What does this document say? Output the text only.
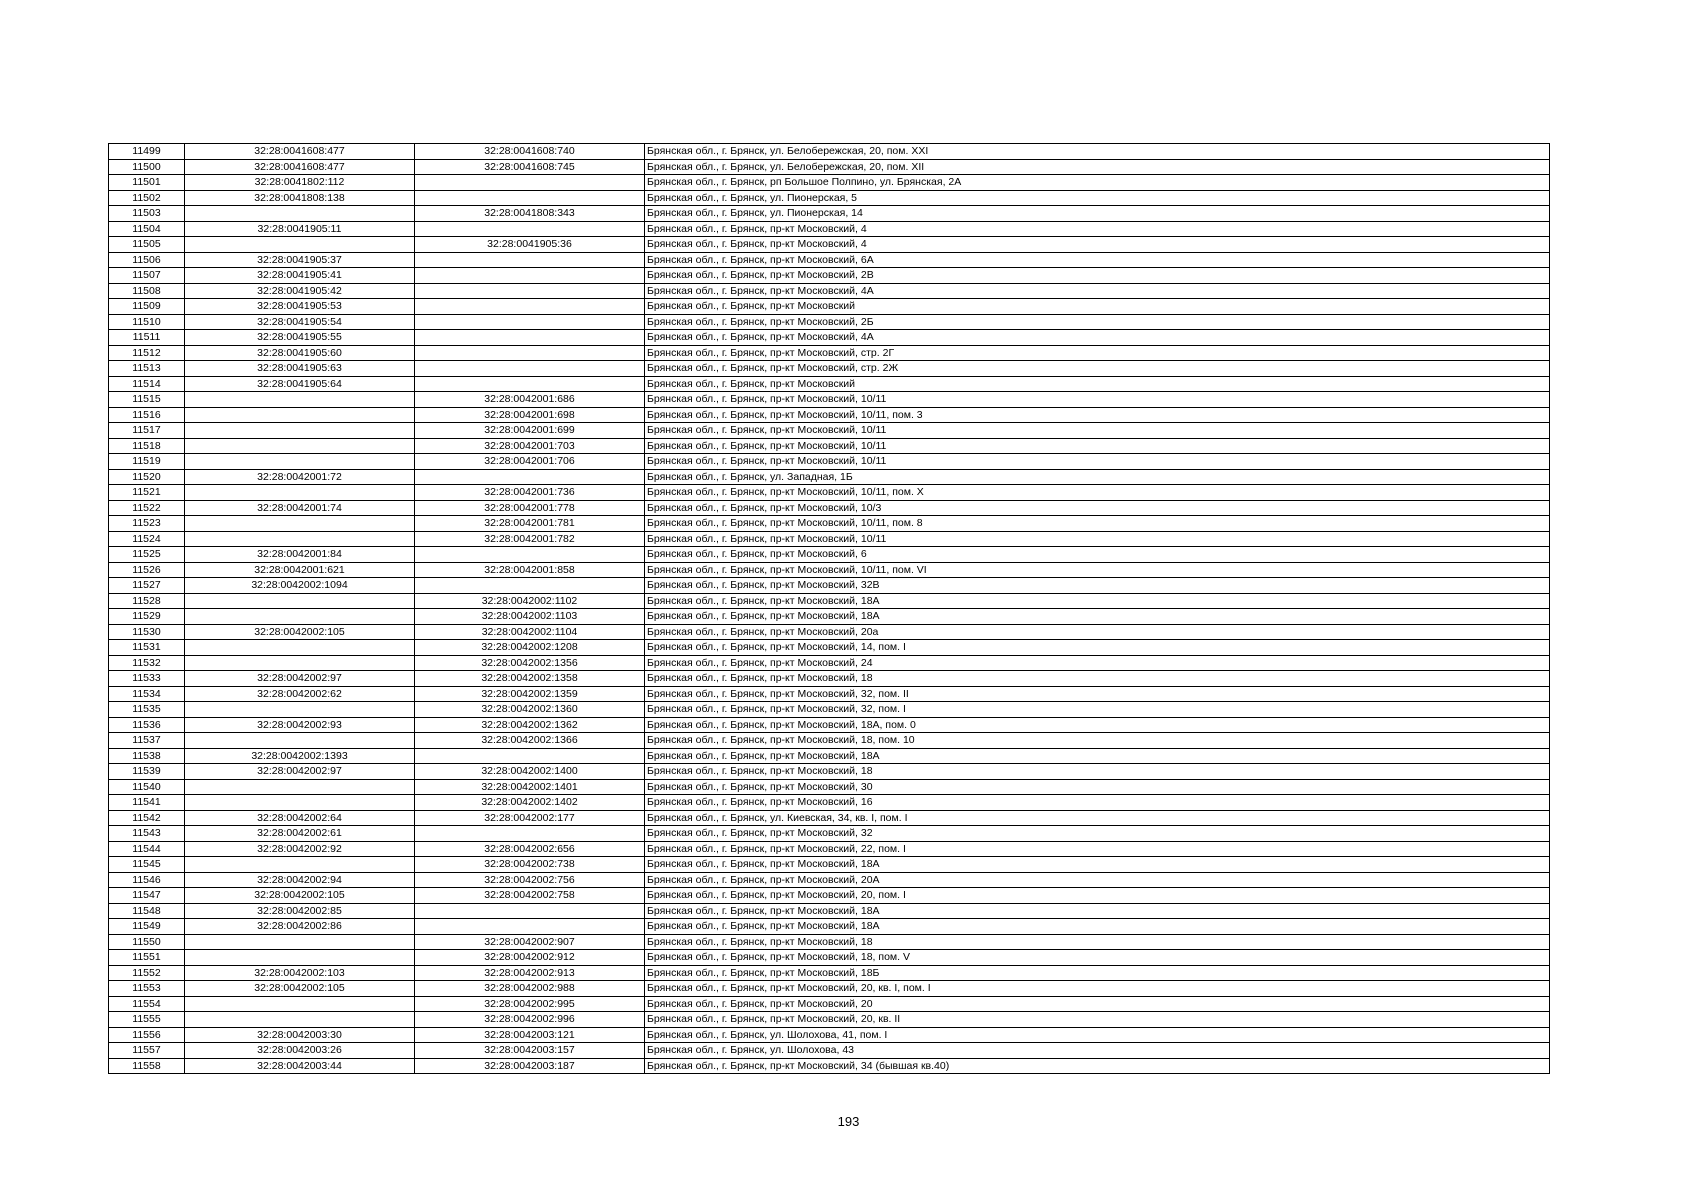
11499	32:28:0041608:477	32:28:0041608:740	Брянская обл., г. Брянск, ул. Белобережская, 20, пом. XXI
11500	32:28:0041608:477	32:28:0041608:745	Брянская обл., г. Брянск, ул. Белобережская, 20, пом. XII
11501	32:28:0041802:112		Брянская обл., г. Брянск, рп Большое Полпино, ул. Брянская, 2А
11502	32:28:0041808:138		Брянская обл., г. Брянск, ул. Пионерская, 5
11503		32:28:0041808:343	Брянская обл., г. Брянск, ул. Пионерская, 14
11504	32:28:0041905:11		Брянская обл., г. Брянск, пр-кт Московский, 4
11505		32:28:0041905:36	Брянская обл., г. Брянск, пр-кт Московский, 4
11506	32:28:0041905:37		Брянская обл., г. Брянск, пр-кт Московский, 6А
11507	32:28:0041905:41		Брянская обл., г. Брянск, пр-кт Московский, 2В
11508	32:28:0041905:42		Брянская обл., г. Брянск, пр-кт Московский, 4А
11509	32:28:0041905:53		Брянская обл., г. Брянск, пр-кт Московский
11510	32:28:0041905:54		Брянская обл., г. Брянск, пр-кт Московский, 2Б
11511	32:28:0041905:55		Брянская обл., г. Брянск, пр-кт Московский, 4А
11512	32:28:0041905:60		Брянская обл., г. Брянск, пр-кт Московский, стр. 2Г
11513	32:28:0041905:63		Брянская обл., г. Брянск, пр-кт Московский, стр. 2Ж
11514	32:28:0041905:64		Брянская обл., г. Брянск, пр-кт Московский
11515		32:28:0042001:686	Брянская обл., г. Брянск, пр-кт Московский, 10/11
11516		32:28:0042001:698	Брянская обл., г. Брянск, пр-кт Московский, 10/11, пом. 3
11517		32:28:0042001:699	Брянская обл., г. Брянск, пр-кт Московский, 10/11
11518		32:28:0042001:703	Брянская обл., г. Брянск, пр-кт Московский, 10/11
11519		32:28:0042001:706	Брянская обл., г. Брянск, пр-кт Московский, 10/11
11520	32:28:0042001:72		Брянская обл., г. Брянск, ул. Западная, 1Б
11521		32:28:0042001:736	Брянская обл., г. Брянск, пр-кт Московский, 10/11, пом. X
11522	32:28:0042001:74	32:28:0042001:778	Брянская обл., г. Брянск, пр-кт Московский, 10/3
11523		32:28:0042001:781	Брянская обл., г. Брянск, пр-кт Московский, 10/11, пом. 8
11524		32:28:0042001:782	Брянская обл., г. Брянск, пр-кт Московский, 10/11
11525	32:28:0042001:84		Брянская обл., г. Брянск, пр-кт Московский, 6
11526	32:28:0042001:621	32:28:0042001:858	Брянская обл., г. Брянск, пр-кт Московский, 10/11, пом. VI
11527	32:28:0042002:1094		Брянская обл., г. Брянск, пр-кт Московский, 32В
11528		32:28:0042002:1102	Брянская обл., г. Брянск, пр-кт Московский, 18А
11529		32:28:0042002:1103	Брянская обл., г. Брянск, пр-кт Московский, 18А
11530	32:28:0042002:105	32:28:0042002:1104	Брянская обл., г. Брянск, пр-кт Московский, 20а
11531		32:28:0042002:1208	Брянская обл., г. Брянск, пр-кт Московский, 14, пом. I
11532		32:28:0042002:1356	Брянская обл., г. Брянск, пр-кт Московский, 24
11533	32:28:0042002:97	32:28:0042002:1358	Брянская обл., г. Брянск, пр-кт Московский, 18
11534	32:28:0042002:62	32:28:0042002:1359	Брянская обл., г. Брянск, пр-кт Московский, 32, пом. II
11535		32:28:0042002:1360	Брянская обл., г. Брянск, пр-кт Московский, 32, пом. I
11536	32:28:0042002:93	32:28:0042002:1362	Брянская обл., г. Брянск, пр-кт Московский, 18А, пом. 0
11537		32:28:0042002:1366	Брянская обл., г. Брянск, пр-кт Московский, 18, пом. 10
11538	32:28:0042002:1393		Брянская обл., г. Брянск, пр-кт Московский, 18А
11539	32:28:0042002:97	32:28:0042002:1400	Брянская обл., г. Брянск, пр-кт Московский, 18
11540		32:28:0042002:1401	Брянская обл., г. Брянск, пр-кт Московский, 30
11541		32:28:0042002:1402	Брянская обл., г. Брянск, пр-кт Московский, 16
11542	32:28:0042002:64	32:28:0042002:177	Брянская обл., г. Брянск, ул. Киевская, 34, кв. I, пом. I
11543	32:28:0042002:61		Брянская обл., г. Брянск, пр-кт Московский, 32
11544	32:28:0042002:92	32:28:0042002:656	Брянская обл., г. Брянск, пр-кт Московский, 22, пом. I
11545		32:28:0042002:738	Брянская обл., г. Брянск, пр-кт Московский, 18А
11546	32:28:0042002:94	32:28:0042002:756	Брянская обл., г. Брянск, пр-кт Московский, 20А
11547	32:28:0042002:105	32:28:0042002:758	Брянская обл., г. Брянск, пр-кт Московский, 20, пом. I
11548	32:28:0042002:85		Брянская обл., г. Брянск, пр-кт Московский, 18А
11549	32:28:0042002:86		Брянская обл., г. Брянск, пр-кт Московский, 18А
11550		32:28:0042002:907	Брянская обл., г. Брянск, пр-кт Московский, 18
11551		32:28:0042002:912	Брянская обл., г. Брянск, пр-кт Московский, 18, пом. V
11552	32:28:0042002:103	32:28:0042002:913	Брянская обл., г. Брянск, пр-кт Московский, 18Б
11553	32:28:0042002:105	32:28:0042002:988	Брянская обл., г. Брянск, пр-кт Московский, 20, кв. I, пом. I
11554		32:28:0042002:995	Брянская обл., г. Брянск, пр-кт Московский, 20
11555		32:28:0042002:996	Брянская обл., г. Брянск, пр-кт Московский, 20, кв. II
11556	32:28:0042003:30	32:28:0042003:121	Брянская обл., г. Брянск, ул. Шолохова, 41, пом. I
11557	32:28:0042003:26	32:28:0042003:157	Брянская обл., г. Брянск, ул. Шолохова, 43
11558	32:28:0042003:44	32:28:0042003:187	Брянская обл., г. Брянск, пр-кт Московский, 34 (бывшая кв.40)
193
